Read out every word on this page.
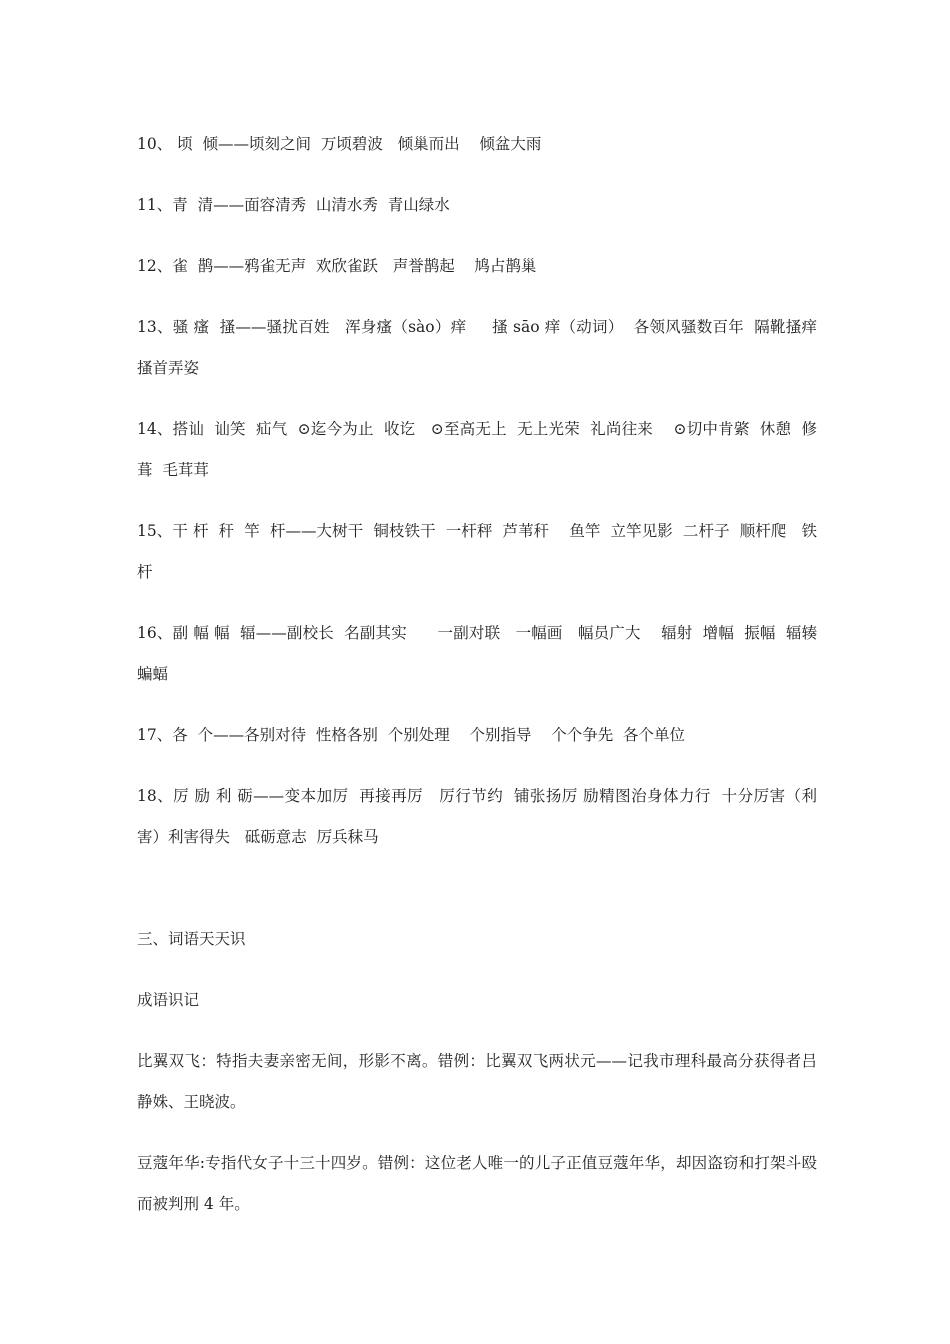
10、 顷  倾——顷刻之间  万顷碧波   倾巢而出    倾盆大雨

11、青  清——面容清秀  山清水秀  青山绿水

12、雀  鹊——鸦雀无声  欢欣雀跃   声誉鹊起    鸠占鹊巢

13、骚 瘙  搔——骚扰百姓   浑身瘙（sào）痒     搔 sāo 痒（动词）  各领风骚数百年  隔靴搔痒  搔首弄姿

14、搭讪  讪笑  疝气  ⊙迄今为止  收讫   ⊙至高无上  无上光荣  礼尚往来    ⊙切中肯綮  休憩  修葺  毛茸茸

15、干 杆  秆  竿  杆——大树干  铜枝铁干  一杆秤  芦苇秆    鱼竿  立竿见影  二杆子  顺杆爬   铁杆

16、副 幅 幅  辐——副校长  名副其实      一副对联   一幅画   幅员广大    辐射  增幅  振幅  辐辏     蝙蝠

17、各  个——各别对待  性格各别  个别处理    个别指导    个个争先  各个单位

18、厉 励 利 砺——变本加厉  再接再厉   厉行节约  铺张扬厉 励精图治身体力行  十分厉害（利害）利害得失   砥砺意志  厉兵秣马

三、词语天天识

成语识记

比翼双飞：特指夫妻亲密无间，形影不离。错例：比翼双飞两状元——记我市理科最高分获得者吕静姝、王晓波。

豆蔻年华:专指代女子十三十四岁。错例：这位老人唯一的儿子正值豆蔻年华，却因盗窃和打架斗殴而被判刑 4 年。
